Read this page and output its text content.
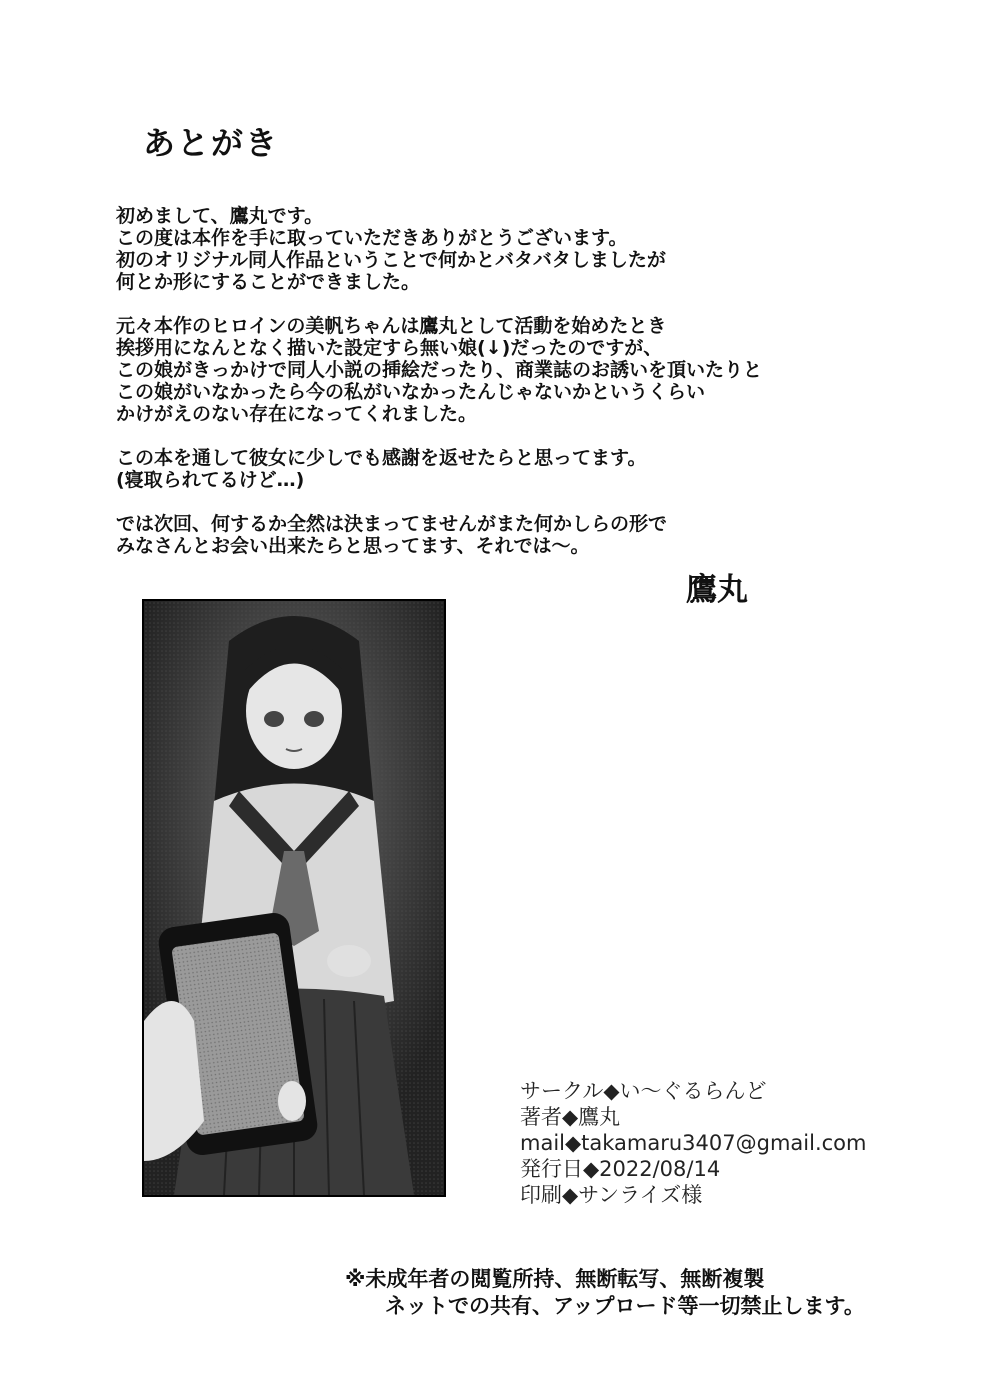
あとがき

初めまして、鷹丸です。
この度は本作を手に取っていただきありがとうございます。
初のオリジナル同人作品ということで何かとバタバタしましたが
何とか形にすることができました。

元々本作のヒロインの美帆ちゃんは鷹丸として活動を始めたとき
挨拶用になんとなく描いた設定すら無い娘(↓)だったのですが、
この娘がきっかけで同人小説の挿絵だったり、商業誌のお誘いを頂いたりと
この娘がいなかったら今の私がいなかったんじゃないかというくらい
かけがえのない存在になってくれました。

この本を通して彼女に少しでも感謝を返せたらと思ってます。
(寝取られてるけど…)

では次回、何するか全然は決まってませんがまた何かしらの形で
みなさんとお会い出来たらと思ってます、それでは〜。

鷹丸
サークル◆い〜ぐるらんど
著者◆鷹丸
mail◆takamaru3407@gmail.com
発行日◆2022/08/14
印刷◆サンライズ様
※未成年者の閲覧所持、無断転写、無断複製
ネットでの共有、アップロード等一切禁止します。
